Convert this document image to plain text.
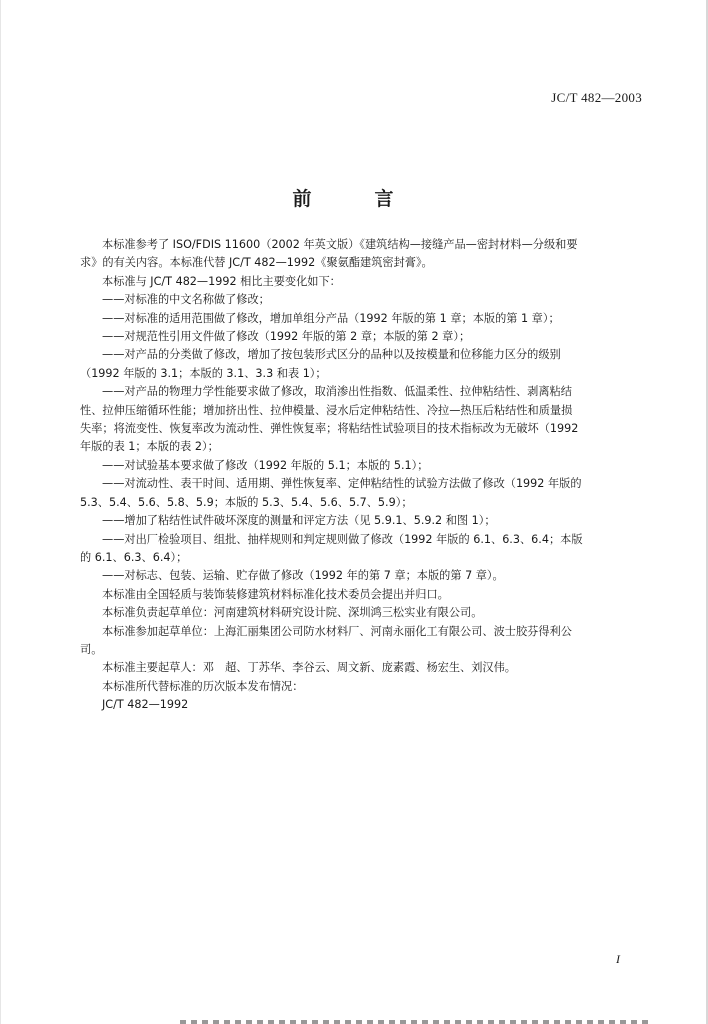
JC/T 482—2003
前　言
本标准参考了 ISO/FDIS 11600（2002 年英文版）《建筑结构—接缝产品—密封材料—分级和要
求》的有关内容。本标准代替 JC/T 482—1992《聚氨酯建筑密封膏》。
本标准与 JC/T 482—1992 相比主要变化如下：
——对标准的中文名称做了修改；
——对标准的适用范围做了修改，增加单组分产品（1992 年版的第 1 章；本版的第 1 章）；
——对规范性引用文件做了修改（1992 年版的第 2 章；本版的第 2 章）；
——对产品的分类做了修改，增加了按包装形式区分的品种以及按模量和位移能力区分的级别
（1992 年版的 3.1；本版的 3.1、3.3 和表 1）；
——对产品的物理力学性能要求做了修改，取消渗出性指数、低温柔性、拉伸粘结性、剥离粘结
性、拉伸压缩循环性能；增加挤出性、拉伸模量、浸水后定伸粘结性、冷拉—热压后粘结性和质量损
失率；将流变性、恢复率改为流动性、弹性恢复率；将粘结性试验项目的技术指标改为无破坏（1992
年版的表 1；本版的表 2）；
——对试验基本要求做了修改（1992 年版的 5.1；本版的 5.1）；
——对流动性、表干时间、适用期、弹性恢复率、定伸粘结性的试验方法做了修改（1992 年版的
5.3、5.4、5.6、5.8、5.9；本版的 5.3、5.4、5.6、5.7、5.9）；
——增加了粘结性试件破坏深度的测量和评定方法（见 5.9.1、5.9.2 和图 1）；
——对出厂检验项目、组批、抽样规则和判定规则做了修改（1992 年版的 6.1、6.3、6.4；本版
的 6.1、6.3、6.4）；
——对标志、包装、运输、贮存做了修改（1992 年的第 7 章；本版的第 7 章）。
本标准由全国轻质与装饰装修建筑材料标准化技术委员会提出并归口。
本标准负责起草单位：河南建筑材料研究设计院、深圳鸿三松实业有限公司。
本标准参加起草单位：上海汇丽集团公司防水材料厂、河南永丽化工有限公司、波士胶芬得利公
司。
本标准主要起草人：邓　超、丁苏华、李谷云、周文新、庞素霞、杨宏生、刘汉伟。
本标准所代替标准的历次版本发布情况：
JC/T 482—1992
I
